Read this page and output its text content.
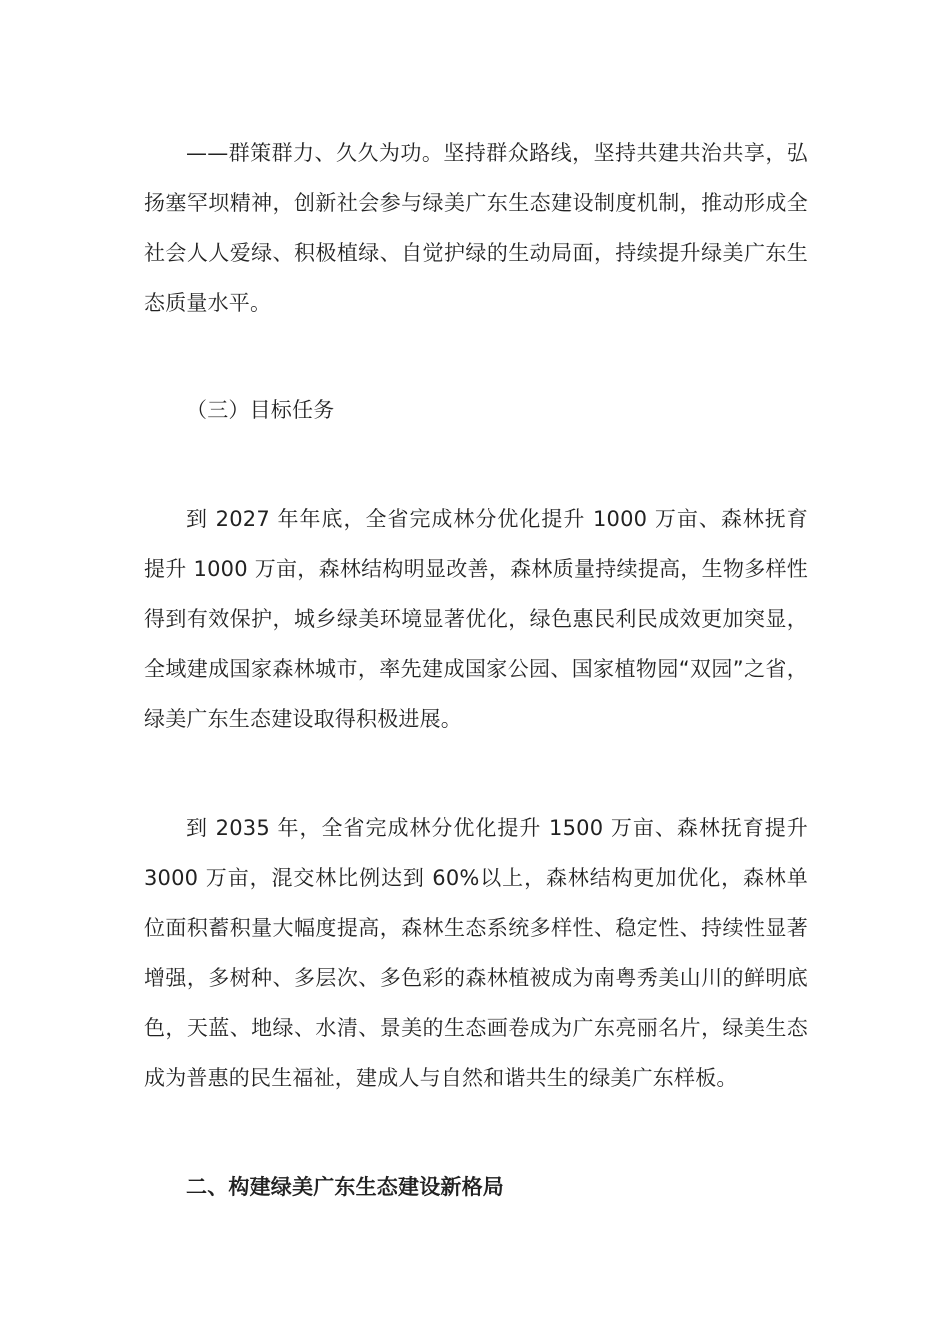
——群策群力、久久为功。坚持群众路线，坚持共建共治共享，弘扬塞罕坝精神，创新社会参与绿美广东生态建设制度机制，推动形成全社会人人爱绿、积极植绿、自觉护绿的生动局面，持续提升绿美广东生态质量水平。

（三）目标任务

到 2027 年年底，全省完成林分优化提升 1000 万亩、森林抚育提升 1000 万亩，森林结构明显改善，森林质量持续提高，生物多样性得到有效保护，城乡绿美环境显著优化，绿色惠民利民成效更加突显，全域建成国家森林城市，率先建成国家公园、国家植物园“双园”之省，绿美广东生态建设取得积极进展。

到 2035 年，全省完成林分优化提升 1500 万亩、森林抚育提升 3000 万亩，混交林比例达到 60%以上，森林结构更加优化，森林单位面积蓄积量大幅度提高，森林生态系统多样性、稳定性、持续性显著增强，多树种、多层次、多色彩的森林植被成为南粤秀美山川的鲜明底色，天蓝、地绿、水清、景美的生态画卷成为广东亮丽名片，绿美生态成为普惠的民生福祉，建成人与自然和谐共生的绿美广东样板。

二、构建绿美广东生态建设新格局
